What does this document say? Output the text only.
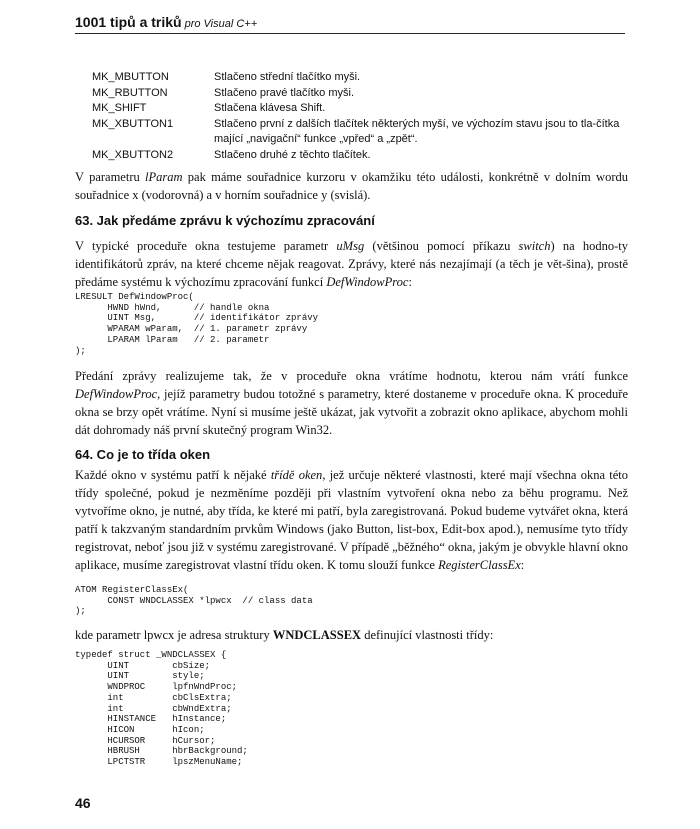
1001 tipů a triků pro Visual C++
MK_MBUTTON	Stlačeno střední tlačítko myši.
MK_RBUTTON	Stlačeno pravé tlačítko myši.
MK_SHIFT	Stlačena klávesa Shift.
MK_XBUTTON1	Stlačeno první z dalších tlačítek některých myší, ve výchozím stavu jsou to tla-čítka mající „navigační“ funkce „vpřed“ a „zpět“.
MK_XBUTTON2	Stlačeno druhé z těchto tlačítek.
V parametru lParam pak máme souřadnice kurzoru v okamžiku této události, konkrétně v dolním wordu souřadnice x (vodorovná) a v horním souřadnice y (svislá).
63. Jak předáme zprávu k výchozímu zpracování
V typické proceduře okna testujeme parametr uMsg (většinou pomocí příkazu switch) na hodno-ty identifikátorů zpráv, na které chceme nějak reagovat. Zprávy, které nás nezajímají (a těch je vět-šina), prostě předáme systému k výchozímu zpracování funkcí DefWindowProc:
LRESULT DefWindowProc(
HWND hWnd,      // handle okna
UINT Msg,       // identifikátor zprávy
WPARAM wParam,  // 1. parametr zprávy
LPARAM lParam   // 2. parametr
);
Předání zprávy realizujeme tak, že v proceduře okna vrátíme hodnotu, kterou nám vrátí funkce DefWindowProc, jejíž parametry budou totožné s parametry, které dostaneme v proceduře okna. K proceduře okna se brzy opět vrátíme. Nyní si musíme ještě ukázat, jak vytvořit a zobrazit okno aplikace, abychom mohli dát dohromady náš první skutečný program Win32.
64. Co je to třída oken
Každé okno v systému patří k nějaké třídě oken, jež určuje některé vlastnosti, které mají všechna okna této třídy společné, pokud je nezměníme později při vlastním vytvoření okna nebo za běhu programu. Než vytvoříme okno, je nutné, aby třída, ke které mi patří, byla zaregistrovaná. Pokud budeme vytvářet okna, která patří k takzvaným standardním prvkům Windows (jako Button, list-box, Edit-box apod.), nemusíme tyto třídy registrovat, neboť jsou již v systému zaregistrované. V případě „běžného“ okna, jakým je obvykle hlavní okno aplikace, musíme zaregistrovat vlastní třídu oken. K tomu slouží funkce RegisterClassEx:
ATOM RegisterClassEx(
CONST WNDCLASSEX *lpwcx  // class data
);
kde parametr lpwcx je adresa struktury WNDCLASSEX definující vlastnosti třídy:
typedef struct _WNDCLASSEX {
UINT        cbSize;
UINT        style;
WNDPROC     lpfnWndProc;
int         cbClsExtra;
int         cbWndExtra;
HINSTANCE   hInstance;
HICON       hIcon;
HCURSOR     hCursor;
HBRUSH      hbrBackground;
LPCTSTR     lpszMenuName;
46
